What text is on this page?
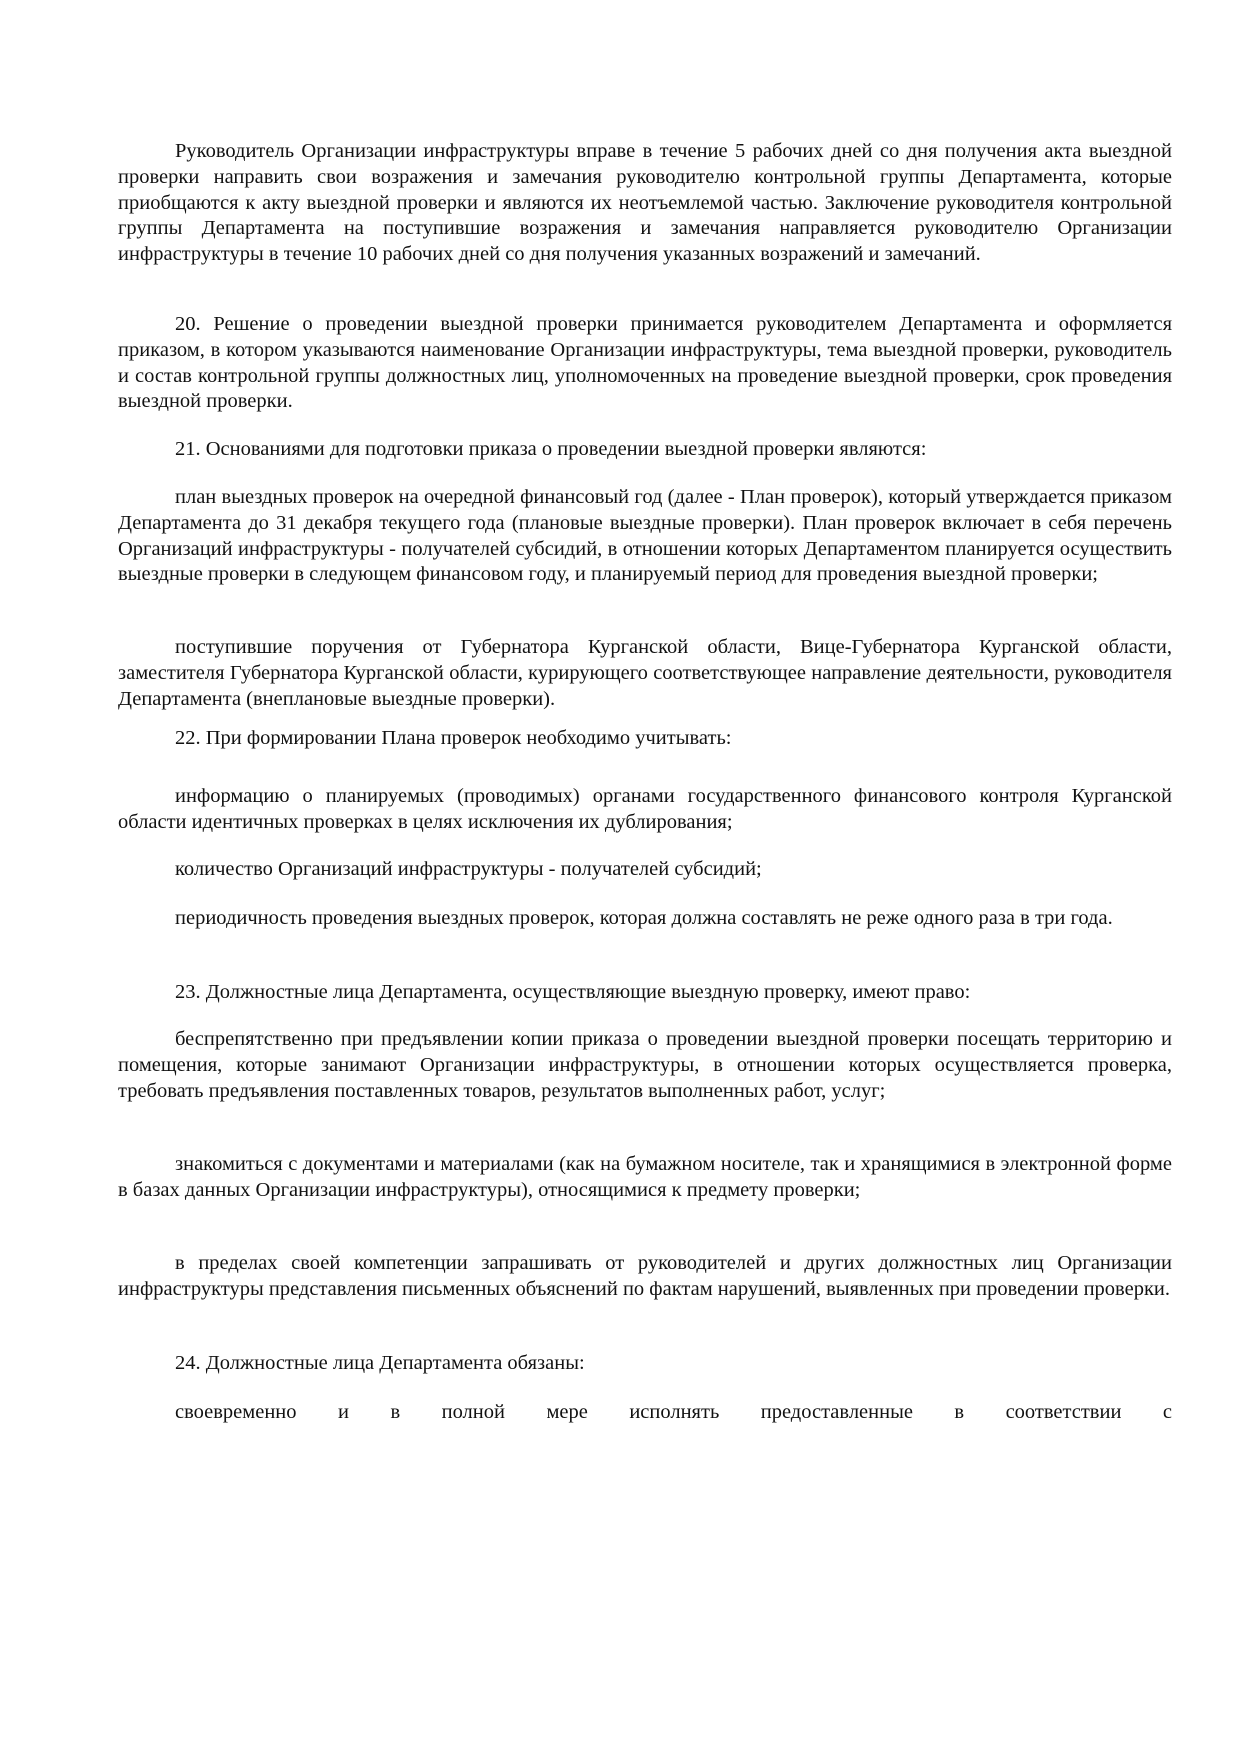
Руководитель Организации инфраструктуры вправе в течение 5 рабочих дней со дня получения акта выездной проверки направить свои возражения и замечания руководителю контрольной группы Департамента, которые приобщаются к акту выездной проверки и являются их неотъемлемой частью. Заключение руководителя контрольной группы Департамента на поступившие возражения и замечания направляется руководителю Организации инфраструктуры в течение 10 рабочих дней со дня получения указанных возражений и замечаний.

20. Решение о проведении выездной проверки принимается руководителем Департамента и оформляется приказом, в котором указываются наименование Организации инфраструктуры, тема выездной проверки, руководитель и состав контрольной группы должностных лиц, уполномоченных на проведение выездной проверки, срок проведения выездной проверки.

21. Основаниями для подготовки приказа о проведении выездной проверки являются:

план выездных проверок на очередной финансовый год (далее - План проверок), который утверждается приказом Департамента до 31 декабря текущего года (плановые выездные проверки). План проверок включает в себя перечень Организаций инфраструктуры - получателей субсидий, в отношении которых Департаментом планируется осуществить выездные проверки в следующем финансовом году, и планируемый период для проведения выездной проверки;

поступившие поручения от Губернатора Курганской области, Вице-Губернатора Курганской области, заместителя Губернатора Курганской области, курирующего соответствующее направление деятельности, руководителя Департамента (внеплановые выездные проверки).

22. При формировании Плана проверок необходимо учитывать:

информацию о планируемых (проводимых) органами государственного финансового контроля Курганской области идентичных проверках в целях исключения их дублирования;

количество Организаций инфраструктуры - получателей субсидий;

периодичность проведения выездных проверок, которая должна составлять не реже одного раза в три года.

23. Должностные лица Департамента, осуществляющие выездную проверку, имеют право:

беспрепятственно при предъявлении копии приказа о проведении выездной проверки посещать территорию и помещения, которые занимают Организации инфраструктуры, в отношении которых осуществляется проверка, требовать предъявления поставленных товаров, результатов выполненных работ, услуг;

знакомиться с документами и материалами (как на бумажном носителе, так и хранящимися в электронной форме в базах данных Организации инфраструктуры), относящимися к предмету проверки;

в пределах своей компетенции запрашивать от руководителей и других должностных лиц Организации инфраструктуры представления письменных объяснений по фактам нарушений, выявленных при проведении проверки.

24. Должностные лица Департамента обязаны:

своевременно и в полной мере исполнять предоставленные в соответствии с
